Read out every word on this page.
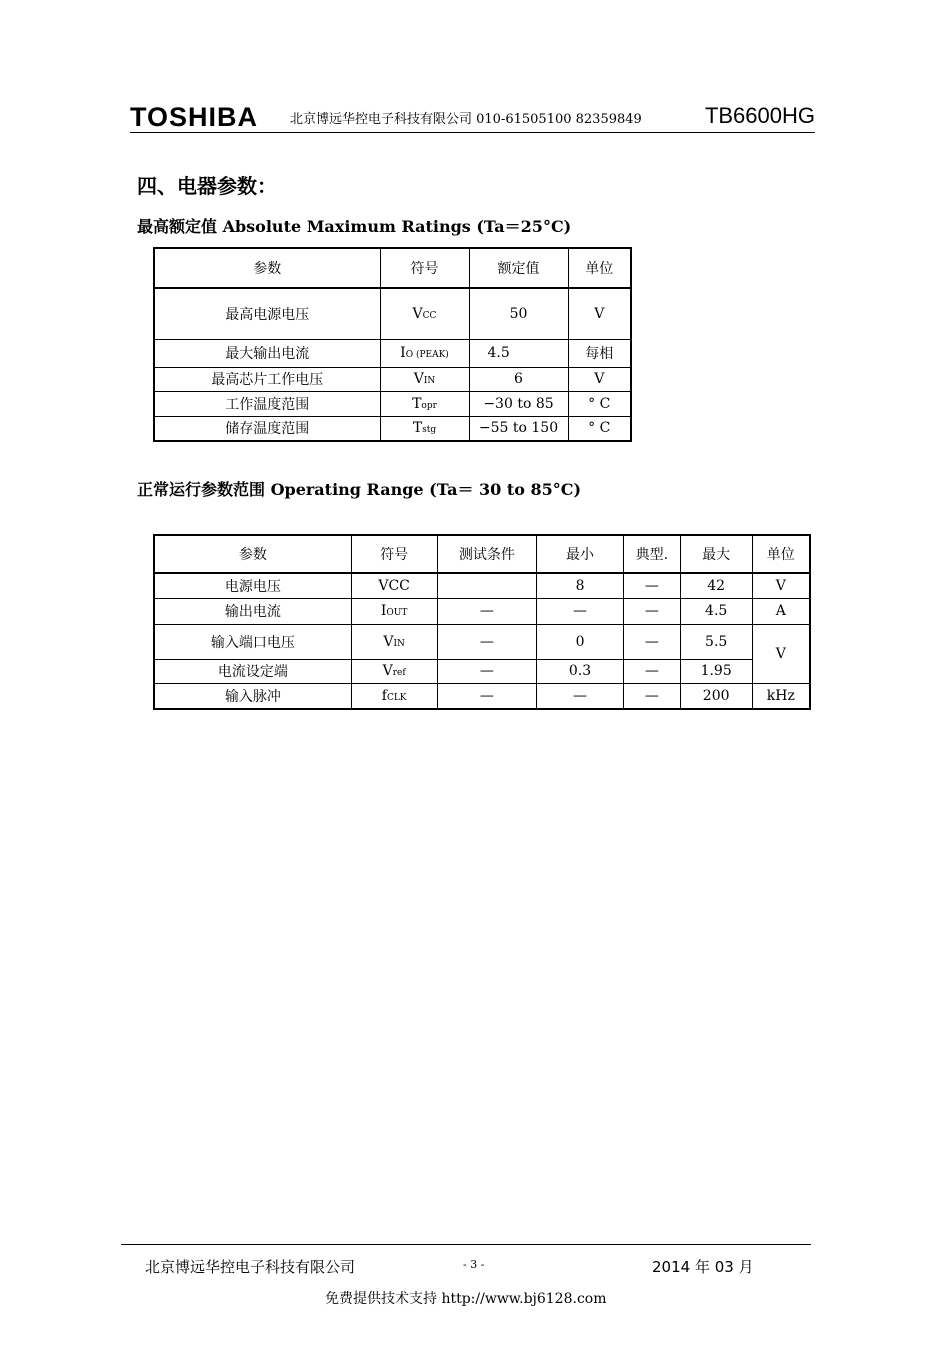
TOSHIBA 北京博远华控电子科技有限公司 010-61505100 82359849	TB6600HG
四、电器参数：
最高额定值 Absolute Maximum Ratings (Ta＝25°C)
参数	符号	额定值	单位
最高电源电压	VCC	50	V
最大输出电流	IO (PEAK)	4.5	每相
最高芯片工作电压	VIN	6	V
工作温度范围	Topr	−30 to 85	° C
储存温度范围	Tstg	−55 to 150	° C
正常运行参数范围 Operating Range (Ta＝ 30 to 85°C)
参数	符号	测试条件	最小	典型.	最大	单位
电源电压	VCC		8	—	42	V
输出电流	IOUT	—	—	—	4.5	A
输入端口电压	VIN	—	0	—	5.5	V
电流设定端	Vref	—	0.3	—	1.95	
输入脉冲	fCLK	—	—	—	200	kHz
北京博远华控电子科技有限公司	- 3 -	2014 年 03 月
免费提供技术支持 http://www.bj6128.com
